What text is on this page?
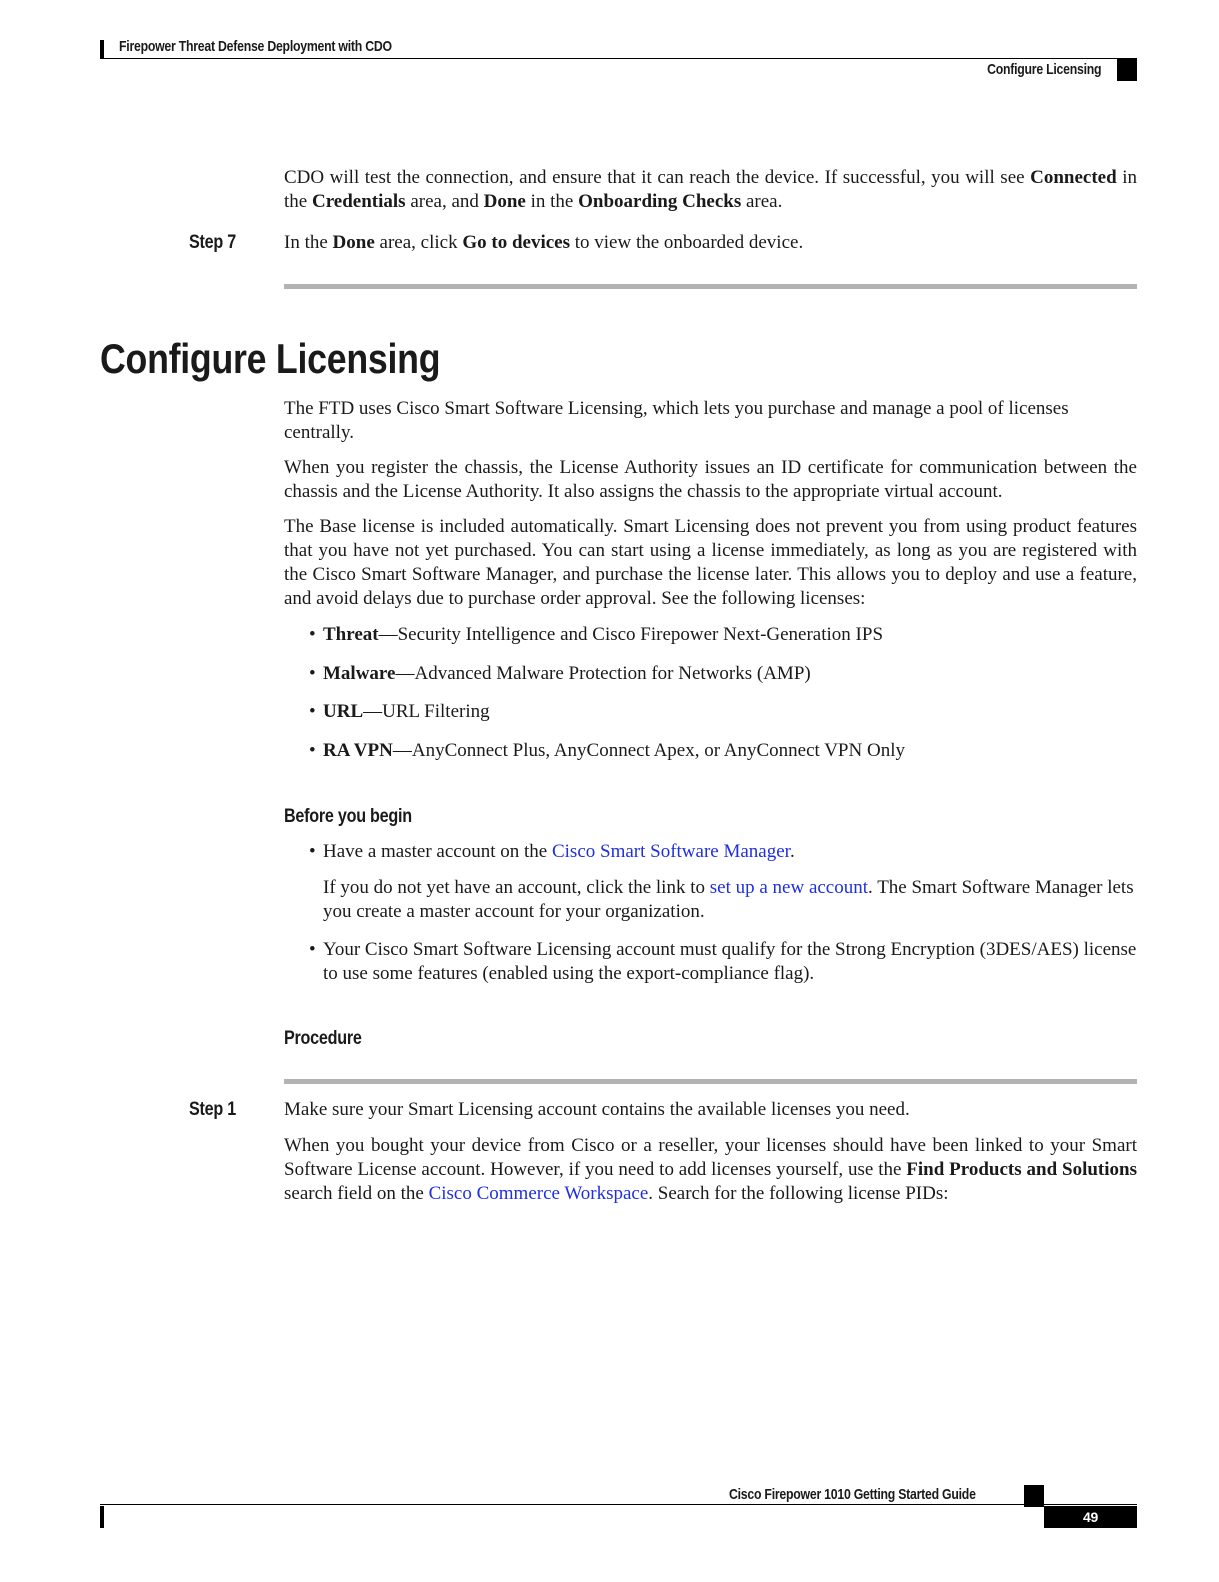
Firepower Threat Defense Deployment with CDO
Configure Licensing
CDO will test the connection, and ensure that it can reach the device. If successful, you will see Connected in the Credentials area, and Done in the Onboarding Checks area.
Step 7	In the Done area, click Go to devices to view the onboarded device.
Configure Licensing
The FTD uses Cisco Smart Software Licensing, which lets you purchase and manage a pool of licenses centrally.
When you register the chassis, the License Authority issues an ID certificate for communication between the chassis and the License Authority. It also assigns the chassis to the appropriate virtual account.
The Base license is included automatically. Smart Licensing does not prevent you from using product features that you have not yet purchased. You can start using a license immediately, as long as you are registered with the Cisco Smart Software Manager, and purchase the license later. This allows you to deploy and use a feature, and avoid delays due to purchase order approval. See the following licenses:
• Threat—Security Intelligence and Cisco Firepower Next-Generation IPS
• Malware—Advanced Malware Protection for Networks (AMP)
• URL—URL Filtering
• RA VPN—AnyConnect Plus, AnyConnect Apex, or AnyConnect VPN Only
Before you begin
• Have a master account on the Cisco Smart Software Manager.
If you do not yet have an account, click the link to set up a new account. The Smart Software Manager lets you create a master account for your organization.
• Your Cisco Smart Software Licensing account must qualify for the Strong Encryption (3DES/AES) license to use some features (enabled using the export-compliance flag).
Procedure
Step 1	Make sure your Smart Licensing account contains the available licenses you need.
When you bought your device from Cisco or a reseller, your licenses should have been linked to your Smart Software License account. However, if you need to add licenses yourself, use the Find Products and Solutions search field on the Cisco Commerce Workspace. Search for the following license PIDs:
Cisco Firepower 1010 Getting Started Guide
49
